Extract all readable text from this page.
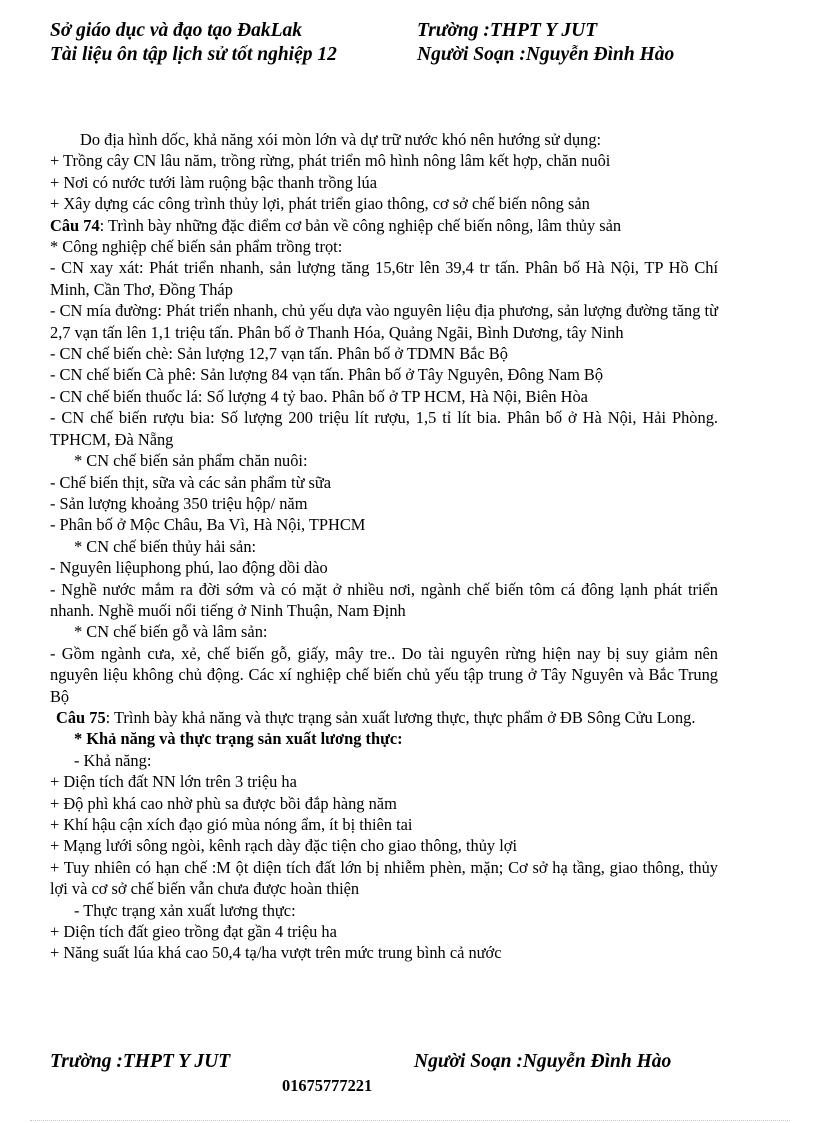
Sở giáo dục và đạo tạo ĐakLak	Trường :THPT Y JUT
Tài liệu ôn tập lịch sử tốt nghiệp 12	Người Soạn :Nguyễn Đình Hào

Do địa hình dốc, khả năng xói mòn lớn và dự trữ nước khó nên hướng sử dụng:

+ Trồng cây CN lâu năm, trồng rừng, phát triển mô hình nông lâm kết hợp, chăn nuôi

+ Nơi có nước tưới làm ruộng bậc thanh trồng lúa

+ Xây dựng các công trình thủy lợi, phát triển giao thông, cơ sở chế biến nông sản

Câu 74: Trình bày những đặc điểm cơ bản về công nghiệp chế biến nông, lâm thủy sản

* Công nghiệp chế biến sản phẩm trồng trọt:

- CN xay xát: Phát triển nhanh, sản lượng tăng 15,6tr lên 39,4 tr tấn. Phân bố Hà Nội, TP Hồ Chí Minh, Cần Thơ, Đồng Tháp

- CN mía đường: Phát triển nhanh, chủ yếu dựa vào nguyên liệu địa phương, sản lượng đường tăng từ 2,7 vạn tấn lên 1,1 triệu tấn. Phân bố ở Thanh Hóa, Quảng Ngãi, Bình Dương, tây Ninh

- CN chế biến chè: Sản lượng 12,7 vạn tấn. Phân bố ở TDMN Bắc Bộ

- CN chế biến Cà phê: Sản lượng 84 vạn tấn. Phân bố ở Tây Nguyên, Đông Nam Bộ

- CN chế biến thuốc lá: Số lượng 4 tỷ bao. Phân bố ở TP HCM, Hà Nội, Biên Hòa

- CN chế biến rượu bia: Số lượng 200 triệu lít rượu, 1,5 tỉ lít bia. Phân bố ở Hà Nội, Hải Phòng. TPHCM, Đà Nẵng

* CN chế biến sản phẩm chăn nuôi:

- Chế biến thịt, sữa và các sản phẩm từ sữa

- Sản lượng khoảng 350 triệu hộp/ năm

- Phân bố ở Mộc Châu, Ba Vì, Hà Nội, TPHCM

* CN chế biến thủy hải sản:

- Nguyên liệuphong phú, lao động dồi dào

- Nghề nước mắm ra đời sớm và có mặt ở nhiều nơi, ngành chế biến tôm cá đông lạnh phát triển nhanh. Nghề muối nổi tiếng ở Ninh Thuận, Nam Định

* CN chế biến gỗ và lâm sản:

- Gồm ngành cưa, xẻ, chế biến gỗ, giấy, mây tre.. Do tài nguyên rừng hiện nay bị suy giảm nên nguyên liệu không chủ động. Các xí nghiệp chế biến chủ yếu tập trung ở Tây Nguyên và Bắc Trung Bộ

Câu 75: Trình bày khả năng và thực trạng sản xuất lương thực, thực phẩm ở ĐB Sông Cửu Long.

* Khả năng và thực trạng sản xuất lương thực:

- Khả năng:

+ Diện tích đất NN lớn trên 3 triệu ha

+ Độ phì khá cao nhờ phù sa được bồi đắp hàng năm

+ Khí hậu cận xích đạo gió mùa nóng ẩm, ít bị thiên tai

+ Mạng lưới sông ngòi, kênh rạch dày đặc tiện cho giao thông, thủy lợi

+ Tuy nhiên có hạn chế :M ột diện tích đất lớn bị nhiễm phèn, mặn; Cơ sở hạ tầng, giao thông, thủy lợi và cơ sở chế biến vẫn chưa được hoàn thiện

- Thực trạng xản xuất lương thực:

+ Diện tích đất gieo trồng đạt gần 4 triệu ha

+ Năng suất lúa khá cao 50,4 tạ/ha vượt trên mức trung bình cả nước

Trường :THPT Y JUT	Người Soạn :Nguyễn Đình Hào
01675777221
